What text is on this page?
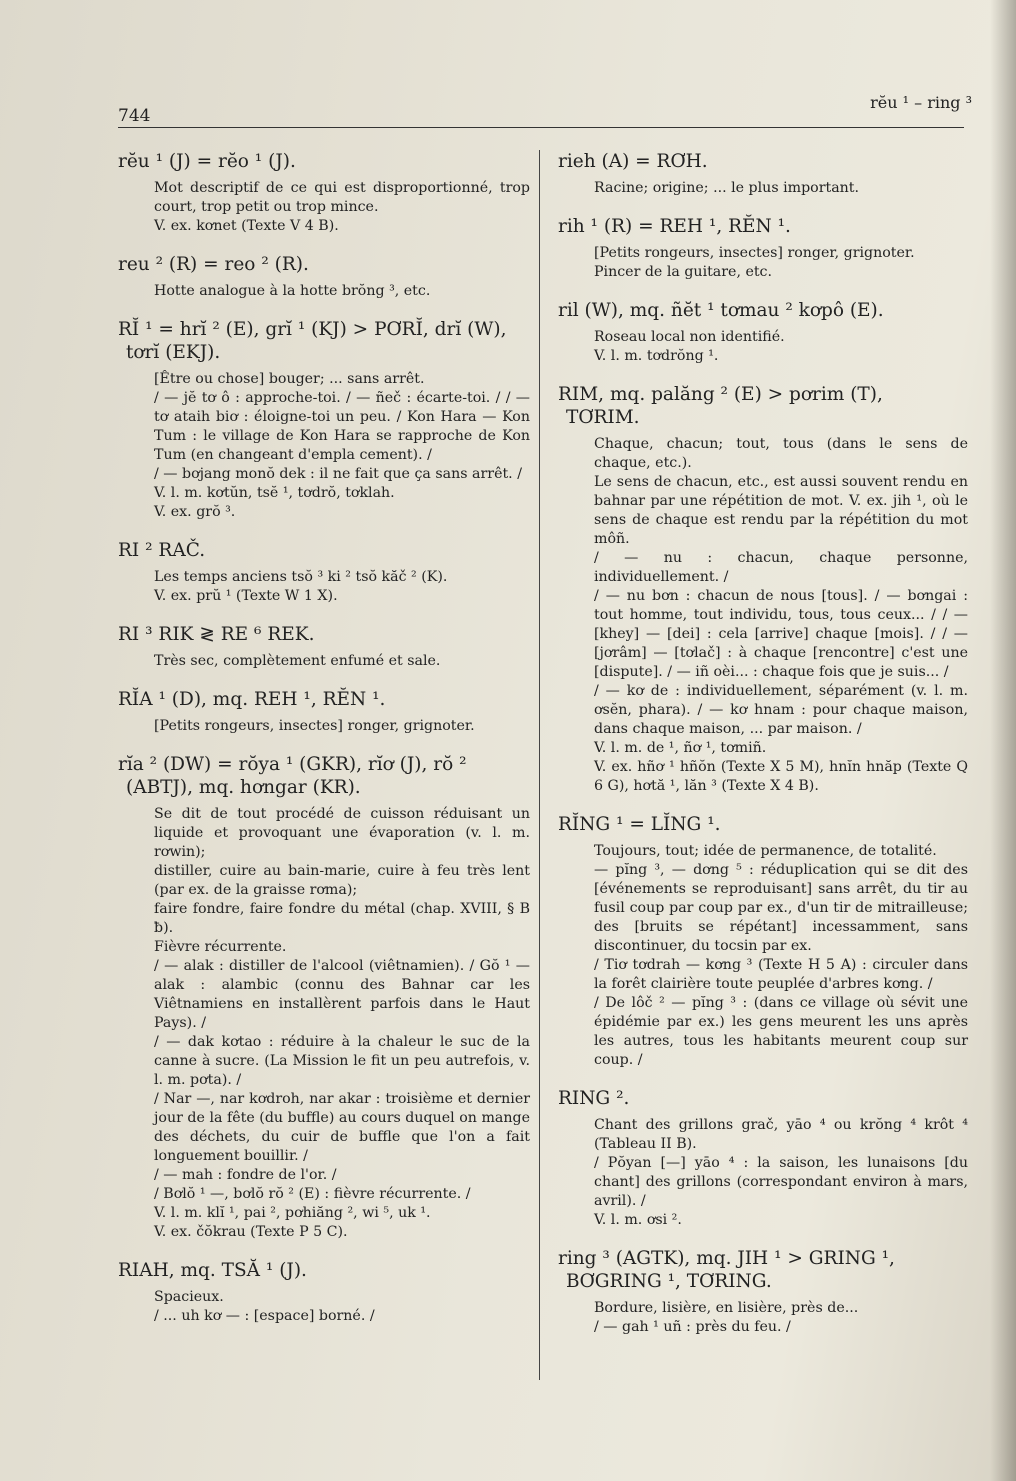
744
rĕu ¹ – ring ³
rĕu ¹ (J) = rĕo ¹ (J).

Mot descriptif de ce qui est disproportionné, trop court, trop petit ou trop mince.

V. ex. kơnet (Texte V 4 B).

reu ² (R) = reo ² (R).

Hotte analogue à la hotte brŏng ³, etc.

RĬ ¹ = hrĭ ² (E), grĭ ¹ (KJ) > PƠRĬ, drĭ (W),
tơrĭ (EKJ).

[Être ou chose] bouger; ... sans arrêt.

/ — jĕ tơ ô : approche-toi. / — ñeč : écarte-toi. / / — tơ ataih biơ : éloigne-toi un peu. / Kon Hara — Kon Tum : le village de Kon Hara se rapproche de Kon Tum (en changeant d'empla cement). /

/ — bơjang monŏ dek : il ne fait que ça sans arrêt. /

V. l. m. kơtŭn, tsĕ ¹, tơdrŏ, tơklah.

V. ex. grŏ ³.

RI ² RAČ.

Les temps anciens tsŏ ³ ki ² tsŏ kăč ² (K).

V. ex. prŭ ¹ (Texte W 1 X).

RI ³ RIK ≷ RE ⁶ REK.

Très sec, complètement enfumé et sale.

RĬA ¹ (D), mq. REH ¹, RĔN ¹.

[Petits rongeurs, insectes] ronger, grignoter.

rĭa ² (DW) = rŏya ¹ (GKR), rĭơ (J), rŏ ²
(ABTJ), mq. hơngar (KR).

Se dit de tout procédé de cuisson réduisant un liquide et provoquant une évaporation (v. l. m. rơwin);

distiller, cuire au bain-marie, cuire à feu très lent (par ex. de la graisse rơma);

faire fondre, faire fondre du métal (chap. XVIII, § B ƀ).

Fièvre récurrente.

/ — alak : distiller de l'alcool (viêtnamien). / Gŏ ¹ — alak : alambic (connu des Bahnar car les Viêtnamiens en installèrent parfois dans le Haut Pays). /

/ — dak kơtao : réduire à la chaleur le suc de la canne à sucre. (La Mission le fit un peu autrefois, v. l. m. pơta). /

/ Nar —, nar kơdroh, nar akar : troisième et dernier jour de la fête (du buffle) au cours duquel on mange des déchets, du cuir de buffle que l'on a fait longuement bouillir. /

/ — mah : fondre de l'or. /

/ Bơlŏ ¹ —, bơlŏ rŏ ² (E) : fièvre récurrente. /

V. l. m. klĭ ¹, pai ², pơhiăng ², wi ⁵, uk ¹.

V. ex. čŏkrau (Texte P 5 C).

RIAH, mq. TSĂ ¹ (J).

Spacieux.

/ ... uh kơ — : [espace] borné. /

rieh (A) = RƠH.

Racine; origine; ... le plus important.

rih ¹ (R) = REH ¹, RĔN ¹.

[Petits rongeurs, insectes] ronger, grignoter.

Pincer de la guitare, etc.

ril (W), mq. ñĕt ¹ tơmau ² kơpô (E).

Roseau local non identifié.

V. l. m. tơdrŏng ¹.

RIM, mq. palăng ² (E) > pơrim (T),
TƠRIM.

Chaque, chacun; tout, tous (dans le sens de chaque, etc.).

Le sens de chacun, etc., est aussi souvent rendu en bahnar par une répétition de mot. V. ex. jih ¹, où le sens de chaque est rendu par la répétition du mot môñ.

/ — nu : chacun, chaque personne, individuellement. /

/ — nu bơn : chacun de nous [tous]. / — bơngai : tout homme, tout individu, tous, tous ceux... / / — [khey] — [dei] : cela [arrive] chaque [mois]. / / — [jơrâm] — [tơlač] : à chaque [rencontre] c'est une [dispute]. / — iñ oèi... : chaque fois que je suis... /

/ — kơ de : individuellement, séparément (v. l. m. ơsĕn, phara). / — kơ hnam : pour chaque maison, dans chaque maison, ... par maison. /

V. l. m. de ¹, ñơ ¹, tơmiñ.

V. ex. hñơ ¹ hñŏn (Texte X 5 M), hnĭn hnăp (Texte Q 6 G), hơtă ¹, lăn ³ (Texte X 4 B).

RĬNG ¹ = LĬNG ¹.

Toujours, tout; idée de permanence, de totalité.

— pĭng ³, — dơng ⁵ : réduplication qui se dit des [événements se reproduisant] sans arrêt, du tir au fusil coup par coup par ex., d'un tir de mitrailleuse; des [bruits se répétant] incessamment, sans discontinuer, du tocsin par ex.

/ Tiơ tơdrah — kơng ³ (Texte H 5 A) : circuler dans la forêt clairière toute peuplée d'arbres kơng. /

/ De lôč ² — pĭng ³ : (dans ce village où sévit une épidémie par ex.) les gens meurent les uns après les autres, tous les habitants meurent coup sur coup. /

RING ².

Chant des grillons grač, yāo ⁴ ou krŏng ⁴ krôt ⁴ (Tableau II B).

/ Pŏyan [—] yāo ⁴ : la saison, les lunaisons [du chant] des grillons (correspondant environ à mars, avril). /

V. l. m. ơsi ².

ring ³ (AGTK), mq. JIH ¹ > GRING ¹,
BƠGRING ¹, TƠRING.

Bordure, lisière, en lisière, près de...

/ — gah ¹ uñ : près du feu. /
